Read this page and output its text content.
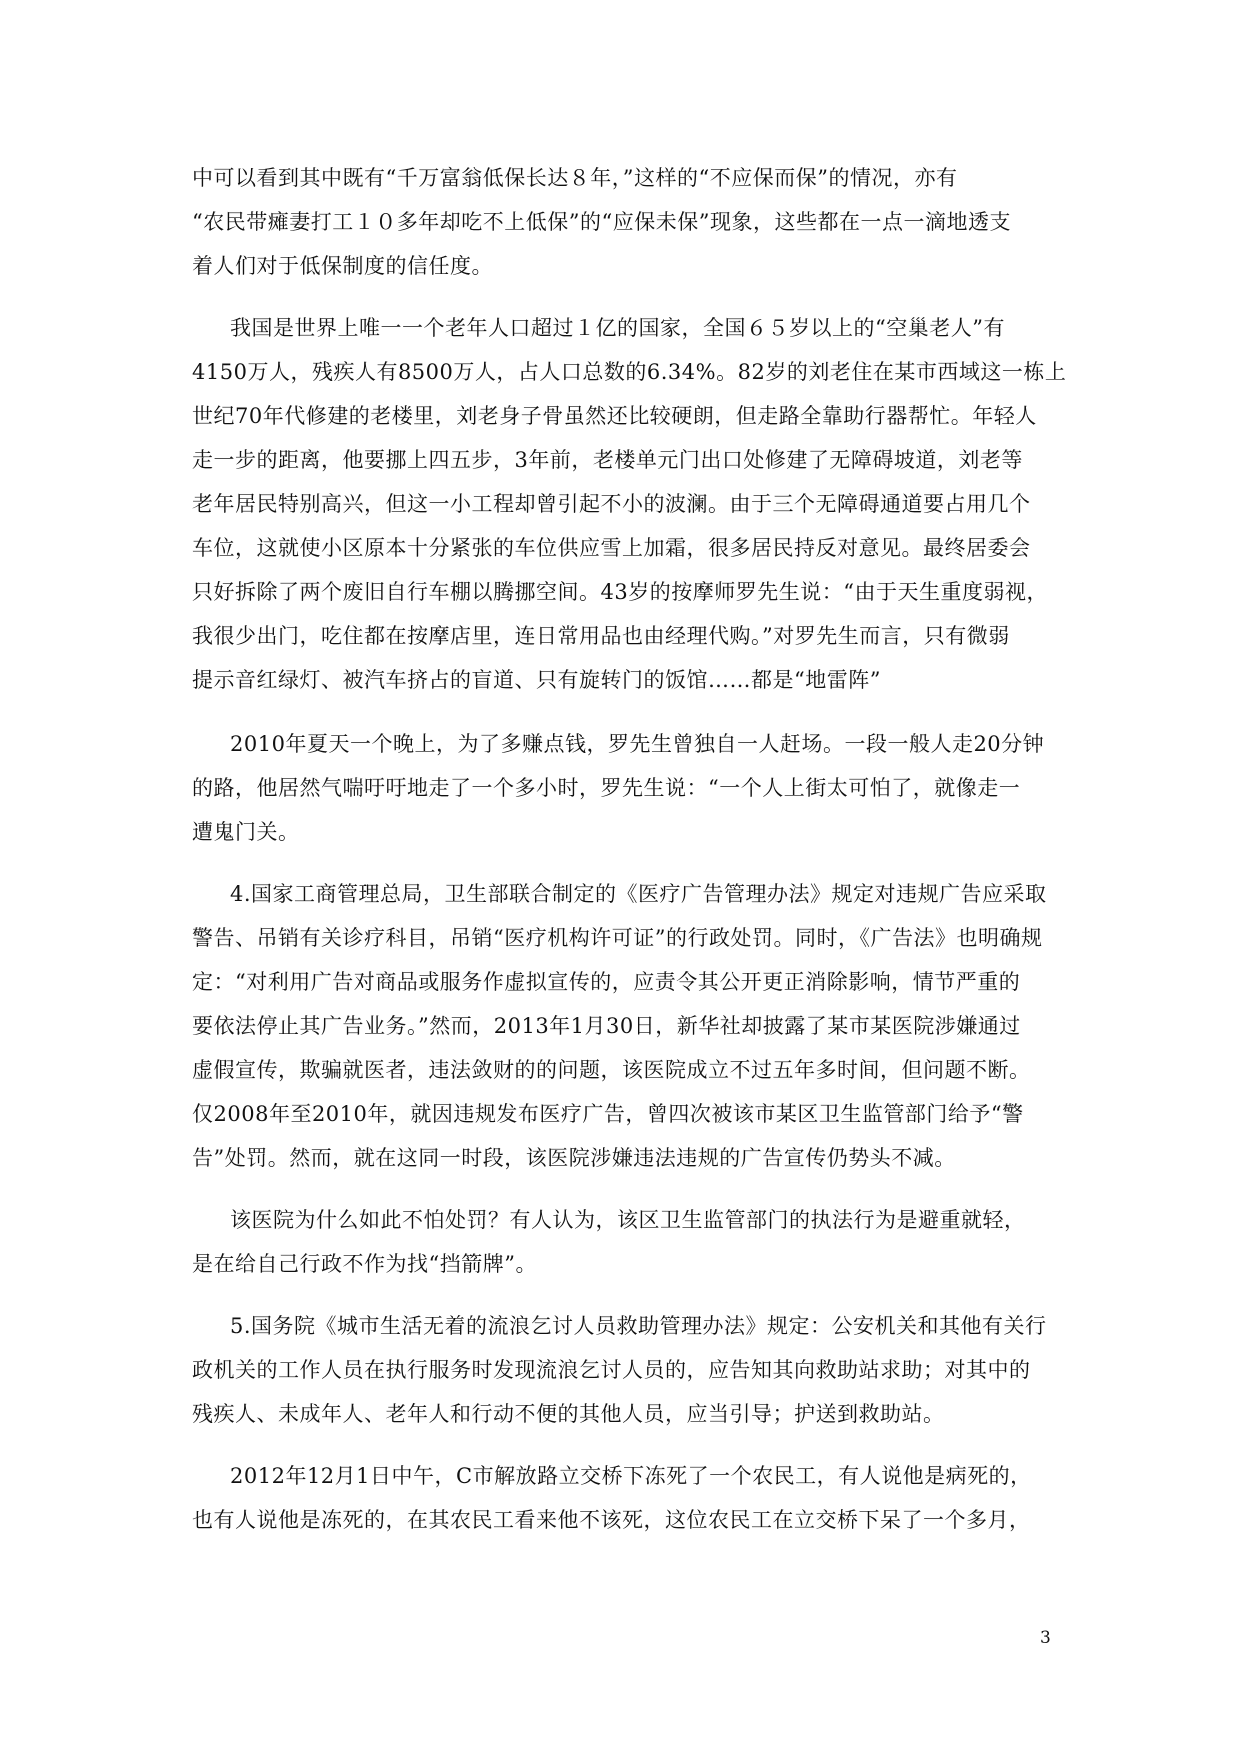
中可以看到其中既有“千万富翁低保长达８年，”这样的“不应保而保”的情况，亦有
“农民带瘫妻打工１０多年却吃不上低保”的“应保未保”现象，这些都在一点一滴地透支
着人们对于低保制度的信任度。
我国是世界上唯一一个老年人口超过１亿的国家，全国６５岁以上的“空巢老人”有
4150万人，残疾人有8500万人，占人口总数的6.34%。82岁的刘老住在某市西域这一栋上
世纪70年代修建的老楼里，刘老身子骨虽然还比较硬朗，但走路全靠助行器帮忙。年轻人
走一步的距离，他要挪上四五步，3年前，老楼单元门出口处修建了无障碍坡道，刘老等
老年居民特别高兴，但这一小工程却曾引起不小的波澜。由于三个无障碍通道要占用几个
车位，这就使小区原本十分紧张的车位供应雪上加霜，很多居民持反对意见。最终居委会
只好拆除了两个废旧自行车棚以腾挪空间。43岁的按摩师罗先生说：“由于天生重度弱视，
我很少出门，吃住都在按摩店里，连日常用品也由经理代购。”对罗先生而言，只有微弱
提示音红绿灯、被汽车挤占的盲道、只有旋转门的饭馆……都是“地雷阵”
2010年夏天一个晚上，为了多赚点钱，罗先生曾独自一人赶场。一段一般人走20分钟
的路，他居然气喘吁吁地走了一个多小时，罗先生说：“一个人上街太可怕了，就像走一
遭鬼门关。
4.国家工商管理总局，卫生部联合制定的《医疗广告管理办法》规定对违规广告应采取
警告、吊销有关诊疗科目，吊销“医疗机构许可证”的行政处罚。同时，《广告法》也明确规
定：“对利用广告对商品或服务作虚拟宣传的，应责令其公开更正消除影响，情节严重的
要依法停止其广告业务。”然而，2013年1月30日，新华社却披露了某市某医院涉嫌通过
虚假宣传，欺骗就医者，违法敛财的的问题，该医院成立不过五年多时间，但问题不断。
仅2008年至2010年，就因违规发布医疗广告，曾四次被该市某区卫生监管部门给予“警
告”处罚。然而，就在这同一时段，该医院涉嫌违法违规的广告宣传仍势头不减。
该医院为什么如此不怕处罚？有人认为，该区卫生监管部门的执法行为是避重就轻，
是在给自己行政不作为找“挡箭牌”。
5.国务院《城市生活无着的流浪乞讨人员救助管理办法》规定：公安机关和其他有关行
政机关的工作人员在执行服务时发现流浪乞讨人员的，应告知其向救助站求助；对其中的
残疾人、未成年人、老年人和行动不便的其他人员，应当引导；护送到救助站。
2012年12月1日中午，C市解放路立交桥下冻死了一个农民工，有人说他是病死的，
也有人说他是冻死的，在其农民工看来他不该死，这位农民工在立交桥下呆了一个多月，
3
